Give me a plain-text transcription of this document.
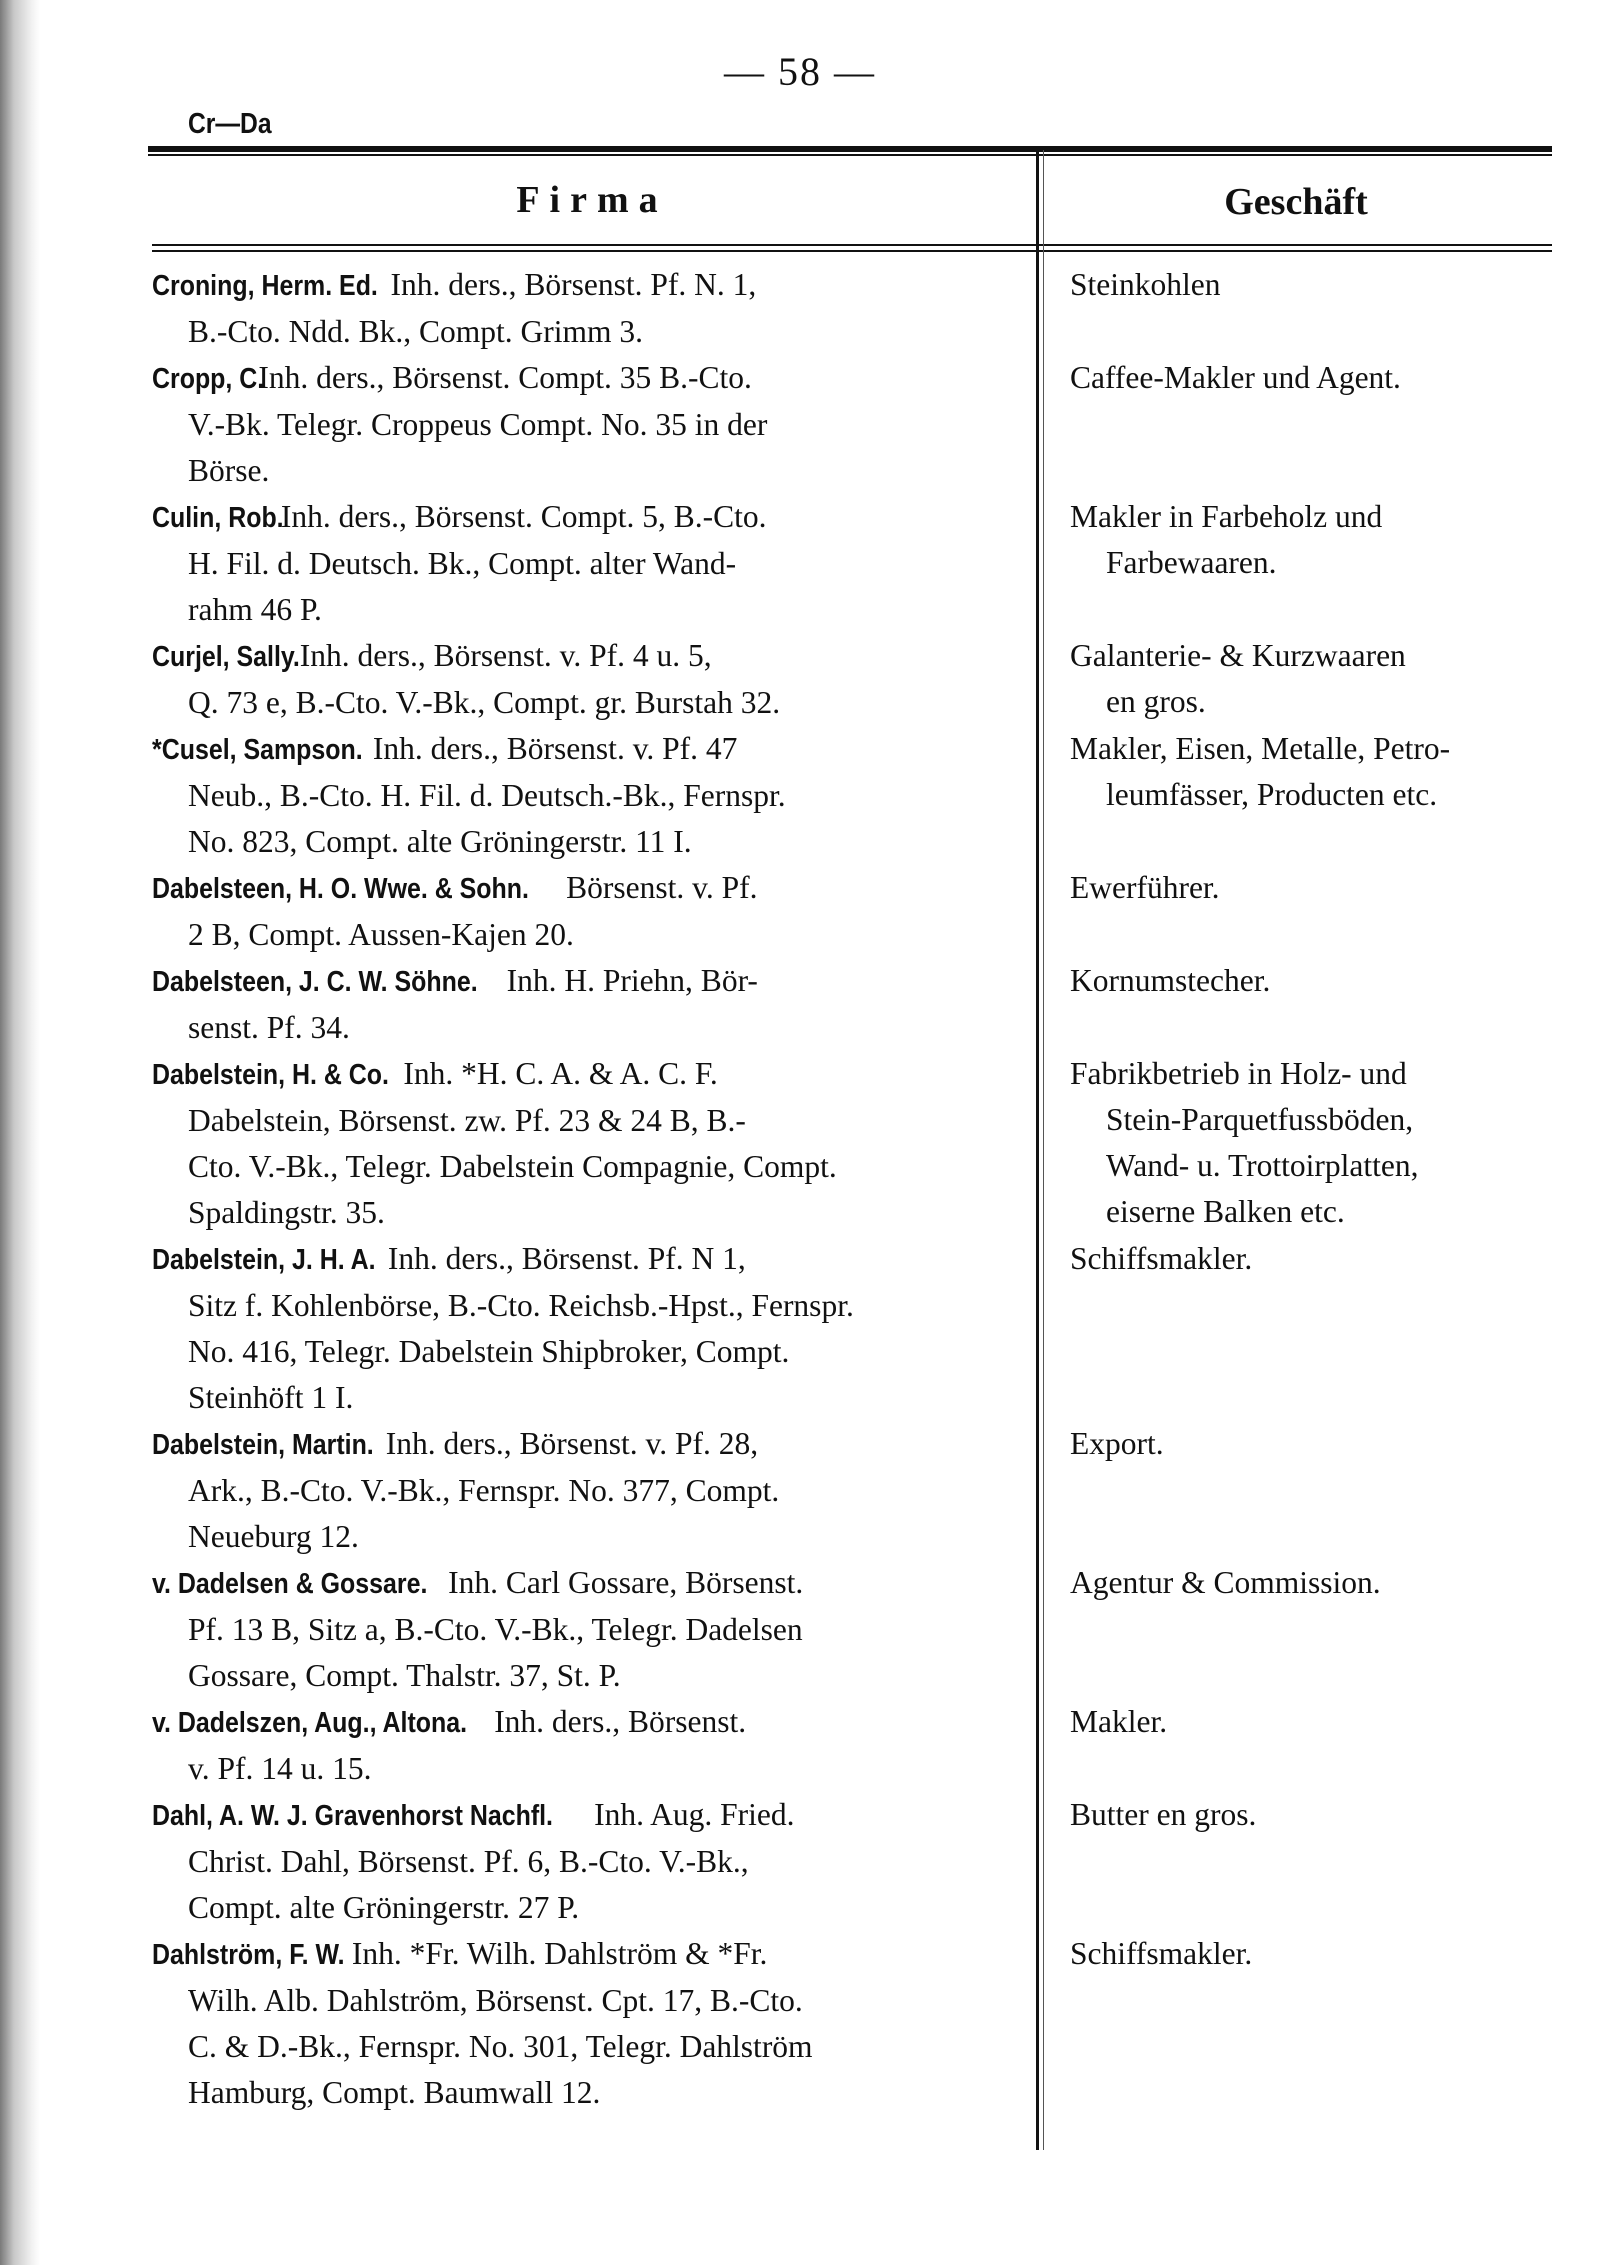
— 58 —
Cr—Da
Firma	Geschäft
Croning, Herm. Ed. Inh. ders., Börsenst. Pf. N. 1,
B.-Cto. Ndd. Bk., Compt. Grimm 3.
Steinkohlen
Cropp, C. Inh. ders., Börsenst. Compt. 35 B.-Cto.
V.-Bk. Telegr. Croppeus Compt. No. 35 in der
Börse.
Caffee-Makler und Agent.
Culin, Rob. Inh. ders., Börsenst. Compt. 5, B.-Cto.
H. Fil. d. Deutsch. Bk., Compt. alter Wand-
rahm 46 P.
Makler in Farbeholz und
Farbewaaren.
Curjel, Sally. Inh. ders., Börsenst. v. Pf. 4 u. 5,
Q. 73 e, B.-Cto. V.-Bk., Compt. gr. Burstah 32.
Galanterie- & Kurzwaaren
en gros.
*Cusel, Sampson. Inh. ders., Börsenst. v. Pf. 47
Neub., B.-Cto. H. Fil. d. Deutsch.-Bk., Fernspr.
No. 823, Compt. alte Gröningerstr. 11 I.
Makler, Eisen, Metalle, Petro-
leumfässer, Producten etc.
Dabelsteen, H. O. Wwe. & Sohn. Börsenst. v. Pf.
2 B, Compt. Aussen-Kajen 20.
Ewerführer.
Dabelsteen, J. C. W. Söhne. Inh. H. Priehn, Bör-
senst. Pf. 34.
Kornumstecher.
Dabelstein, H. & Co. Inh. *H. C. A. & A. C. F.
Dabelstein, Börsenst. zw. Pf. 23 & 24 B, B.-
Cto. V.-Bk., Telegr. Dabelstein Compagnie, Compt.
Spaldingstr. 35.
Fabrikbetrieb in Holz- und
Stein-Parquetfussböden,
Wand- u. Trottoirplatten,
eiserne Balken etc.
Dabelstein, J. H. A. Inh. ders., Börsenst. Pf. N 1,
Sitz f. Kohlenbörse, B.-Cto. Reichsb.-Hpst., Fernspr.
No. 416, Telegr. Dabelstein Shipbroker, Compt.
Steinhöft 1 I.
Schiffsmakler.
Dabelstein, Martin. Inh. ders., Börsenst. v. Pf. 28,
Ark., B.-Cto. V.-Bk., Fernspr. No. 377, Compt.
Neueburg 12.
Export.
v. Dadelsen & Gossare. Inh. Carl Gossare, Börsenst.
Pf. 13 B, Sitz a, B.-Cto. V.-Bk., Telegr. Dadelsen
Gossare, Compt. Thalstr. 37, St. P.
Agentur & Commission.
v. Dadelszen, Aug., Altona. Inh. ders., Börsenst.
v. Pf. 14 u. 15.
Makler.
Dahl, A. W. J. Gravenhorst Nachfl. Inh. Aug. Fried.
Christ. Dahl, Börsenst. Pf. 6, B.-Cto. V.-Bk.,
Compt. alte Gröningerstr. 27 P.
Butter en gros.
Dahlström, F. W. Inh. *Fr. Wilh. Dahlström & *Fr.
Wilh. Alb. Dahlström, Börsenst. Cpt. 17, B.-Cto.
C. & D.-Bk., Fernspr. No. 301, Telegr. Dahlström
Hamburg, Compt. Baumwall 12.
Schiffsmakler.
